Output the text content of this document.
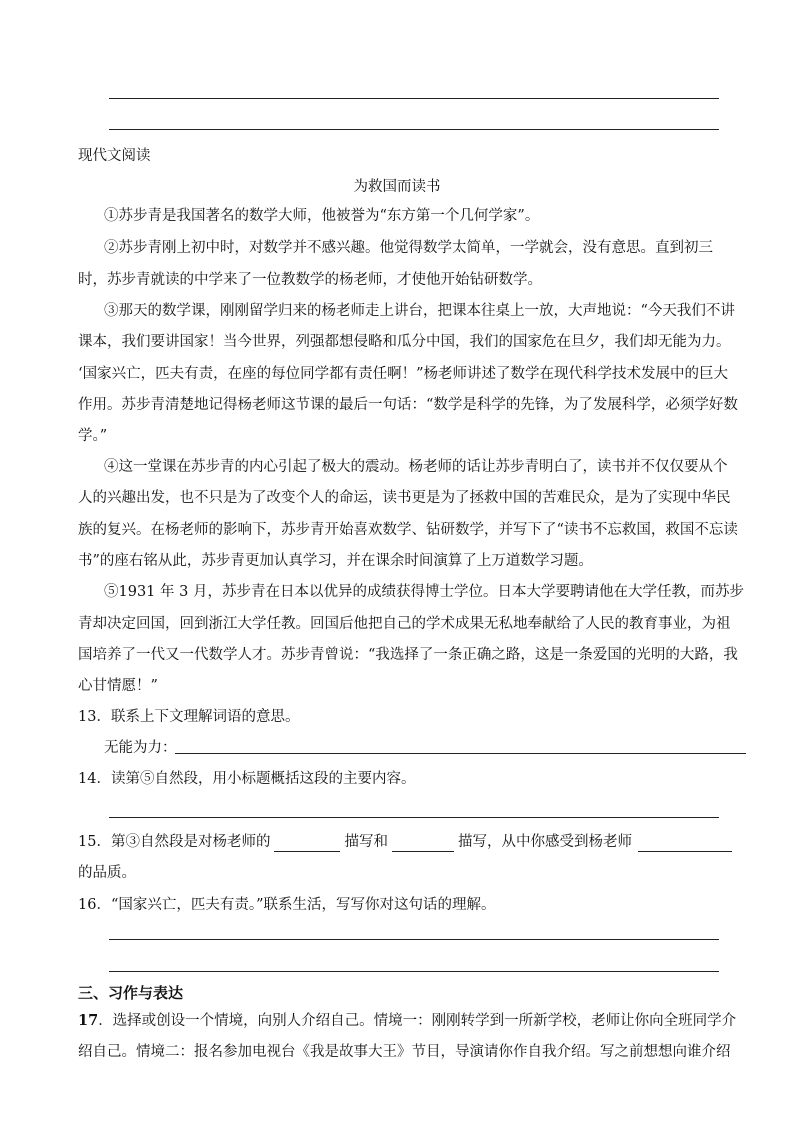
现代文阅读
为救国而读书
①苏步青是我国著名的数学大师，他被誉为“东方第一个几何学家”。
②苏步青刚上初中时，对数学并不感兴趣。他觉得数学太简单，一学就会，没有意思。直到初三
时，苏步青就读的中学来了一位教数学的杨老师，才使他开始钻研数学。
③那天的数学课，刚刚留学归来的杨老师走上讲台，把课本往桌上一放，大声地说：“今天我们不讲
课本，我们要讲国家！当今世界，列强都想侵略和瓜分中国，我们的国家危在旦夕，我们却无能为力。
‘国家兴亡，匹夫有责，在座的每位同学都有责任啊！”杨老师讲述了数学在现代科学技术发展中的巨大
作用。苏步青清楚地记得杨老师这节课的最后一句话：“数学是科学的先锋，为了发展科学，必须学好数
学。”
④这一堂课在苏步青的内心引起了极大的震动。杨老师的话让苏步青明白了，读书并不仅仅要从个
人的兴趣出发，也不只是为了改变个人的命运，读书更是为了拯救中国的苦难民众，是为了实现中华民
族的复兴。在杨老师的影响下，苏步青开始喜欢数学、钻研数学，并写下了“读书不忘救国，救国不忘读
书”的座右铭从此，苏步青更加认真学习，并在课余时间演算了上万道数学习题。
⑤1931 年 3 月，苏步青在日本以优异的成绩获得博士学位。日本大学要聘请他在大学任教，而苏步
青却决定回国，回到浙江大学任教。回国后他把自己的学术成果无私地奉献给了人民的教育事业，为祖
国培养了一代又一代数学人才。苏步青曾说：“我选择了一条正确之路，这是一条爱国的光明的大路，我
心甘情愿！”
13．联系上下文理解词语的意思。
无能为力：
14．读第⑤自然段，用小标题概括这段的主要内容。
15．第③自然段是对杨老师的	描写和	描写，从中你感受到杨老师
的品质。
16．“国家兴亡，匹夫有责。”联系生活，写写你对这句话的理解。
三、习作与表达
17．选择或创设一个情境，向别人介绍自己。情境一：刚刚转学到一所新学校，老师让你向全班同学介
绍自己。情境二：报名参加电视台《我是故事大王》节目，导演请你作自我介绍。写之前想想向谁介绍
